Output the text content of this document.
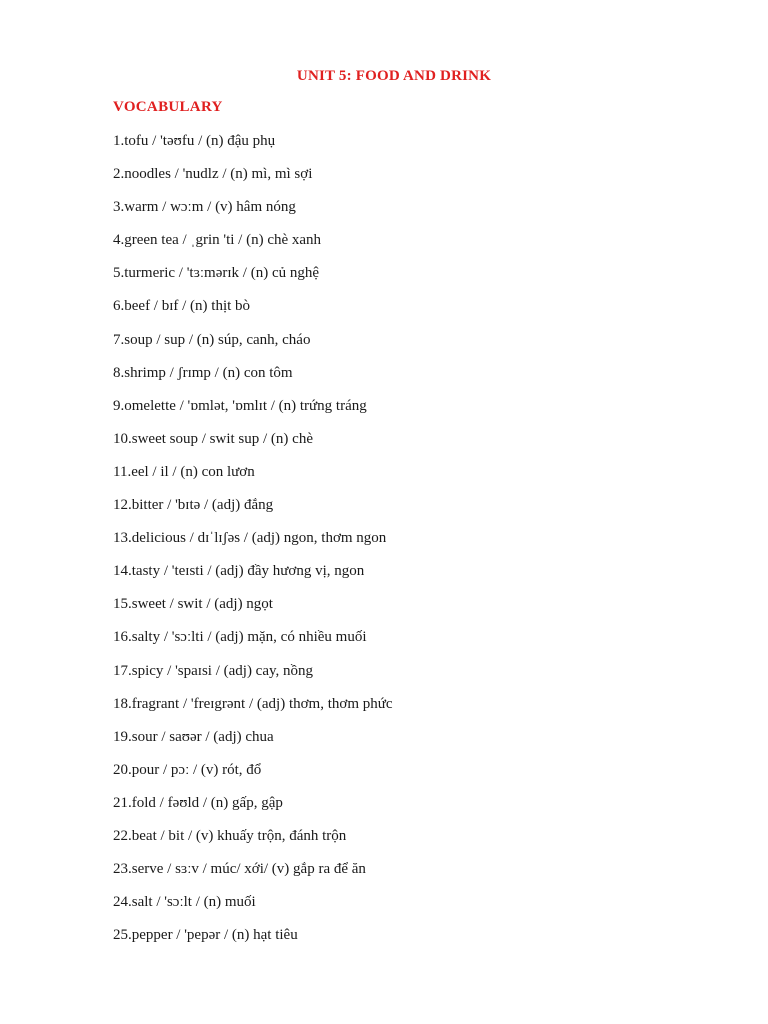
UNIT 5: FOOD AND DRINK
VOCABULARY
1.tofu / 'təʊfu / (n) đậu phụ
2.noodles / 'nudlz / (n) mì, mì sợi
3.warm / wɔːm / (v) hâm nóng
4.green tea / ˌgrin 'ti / (n) chè xanh
5.turmeric / 'tɜːmərɪk / (n) củ nghệ
6.beef / bɪf / (n) thịt bò
7.soup / sup / (n) súp, canh, cháo
8.shrimp / ʃrɪmp / (n) con tôm
9.omelette / 'ɒmlət, 'ɒmlɪt / (n) trứng tráng
10.sweet soup / swit sup / (n) chè
11.eel / il / (n) con lươn
12.bitter / 'bɪtə / (adj) đắng
13.delicious / dɪˈlɪʃəs / (adj) ngon, thơm ngon
14.tasty / 'teɪsti / (adj) đầy hương vị, ngon
15.sweet / swit / (adj) ngọt
16.salty / 'sɔːlti / (adj) mặn, có nhiều muối
17.spicy / 'spaɪsi / (adj) cay, nồng
18.fragrant / 'freɪgrənt / (adj) thơm, thơm phức
19.sour / saʊər / (adj) chua
20.pour / pɔː / (v) rót, đổ
21.fold / fəʊld / (n) gấp, gập
22.beat / bit / (v) khuấy trộn, đánh trộn
23.serve / sɜːv / múc/ xới/ (v) gắp ra để ăn
24.salt / 'sɔːlt / (n) muối
25.pepper / 'pepər / (n) hạt tiêu
